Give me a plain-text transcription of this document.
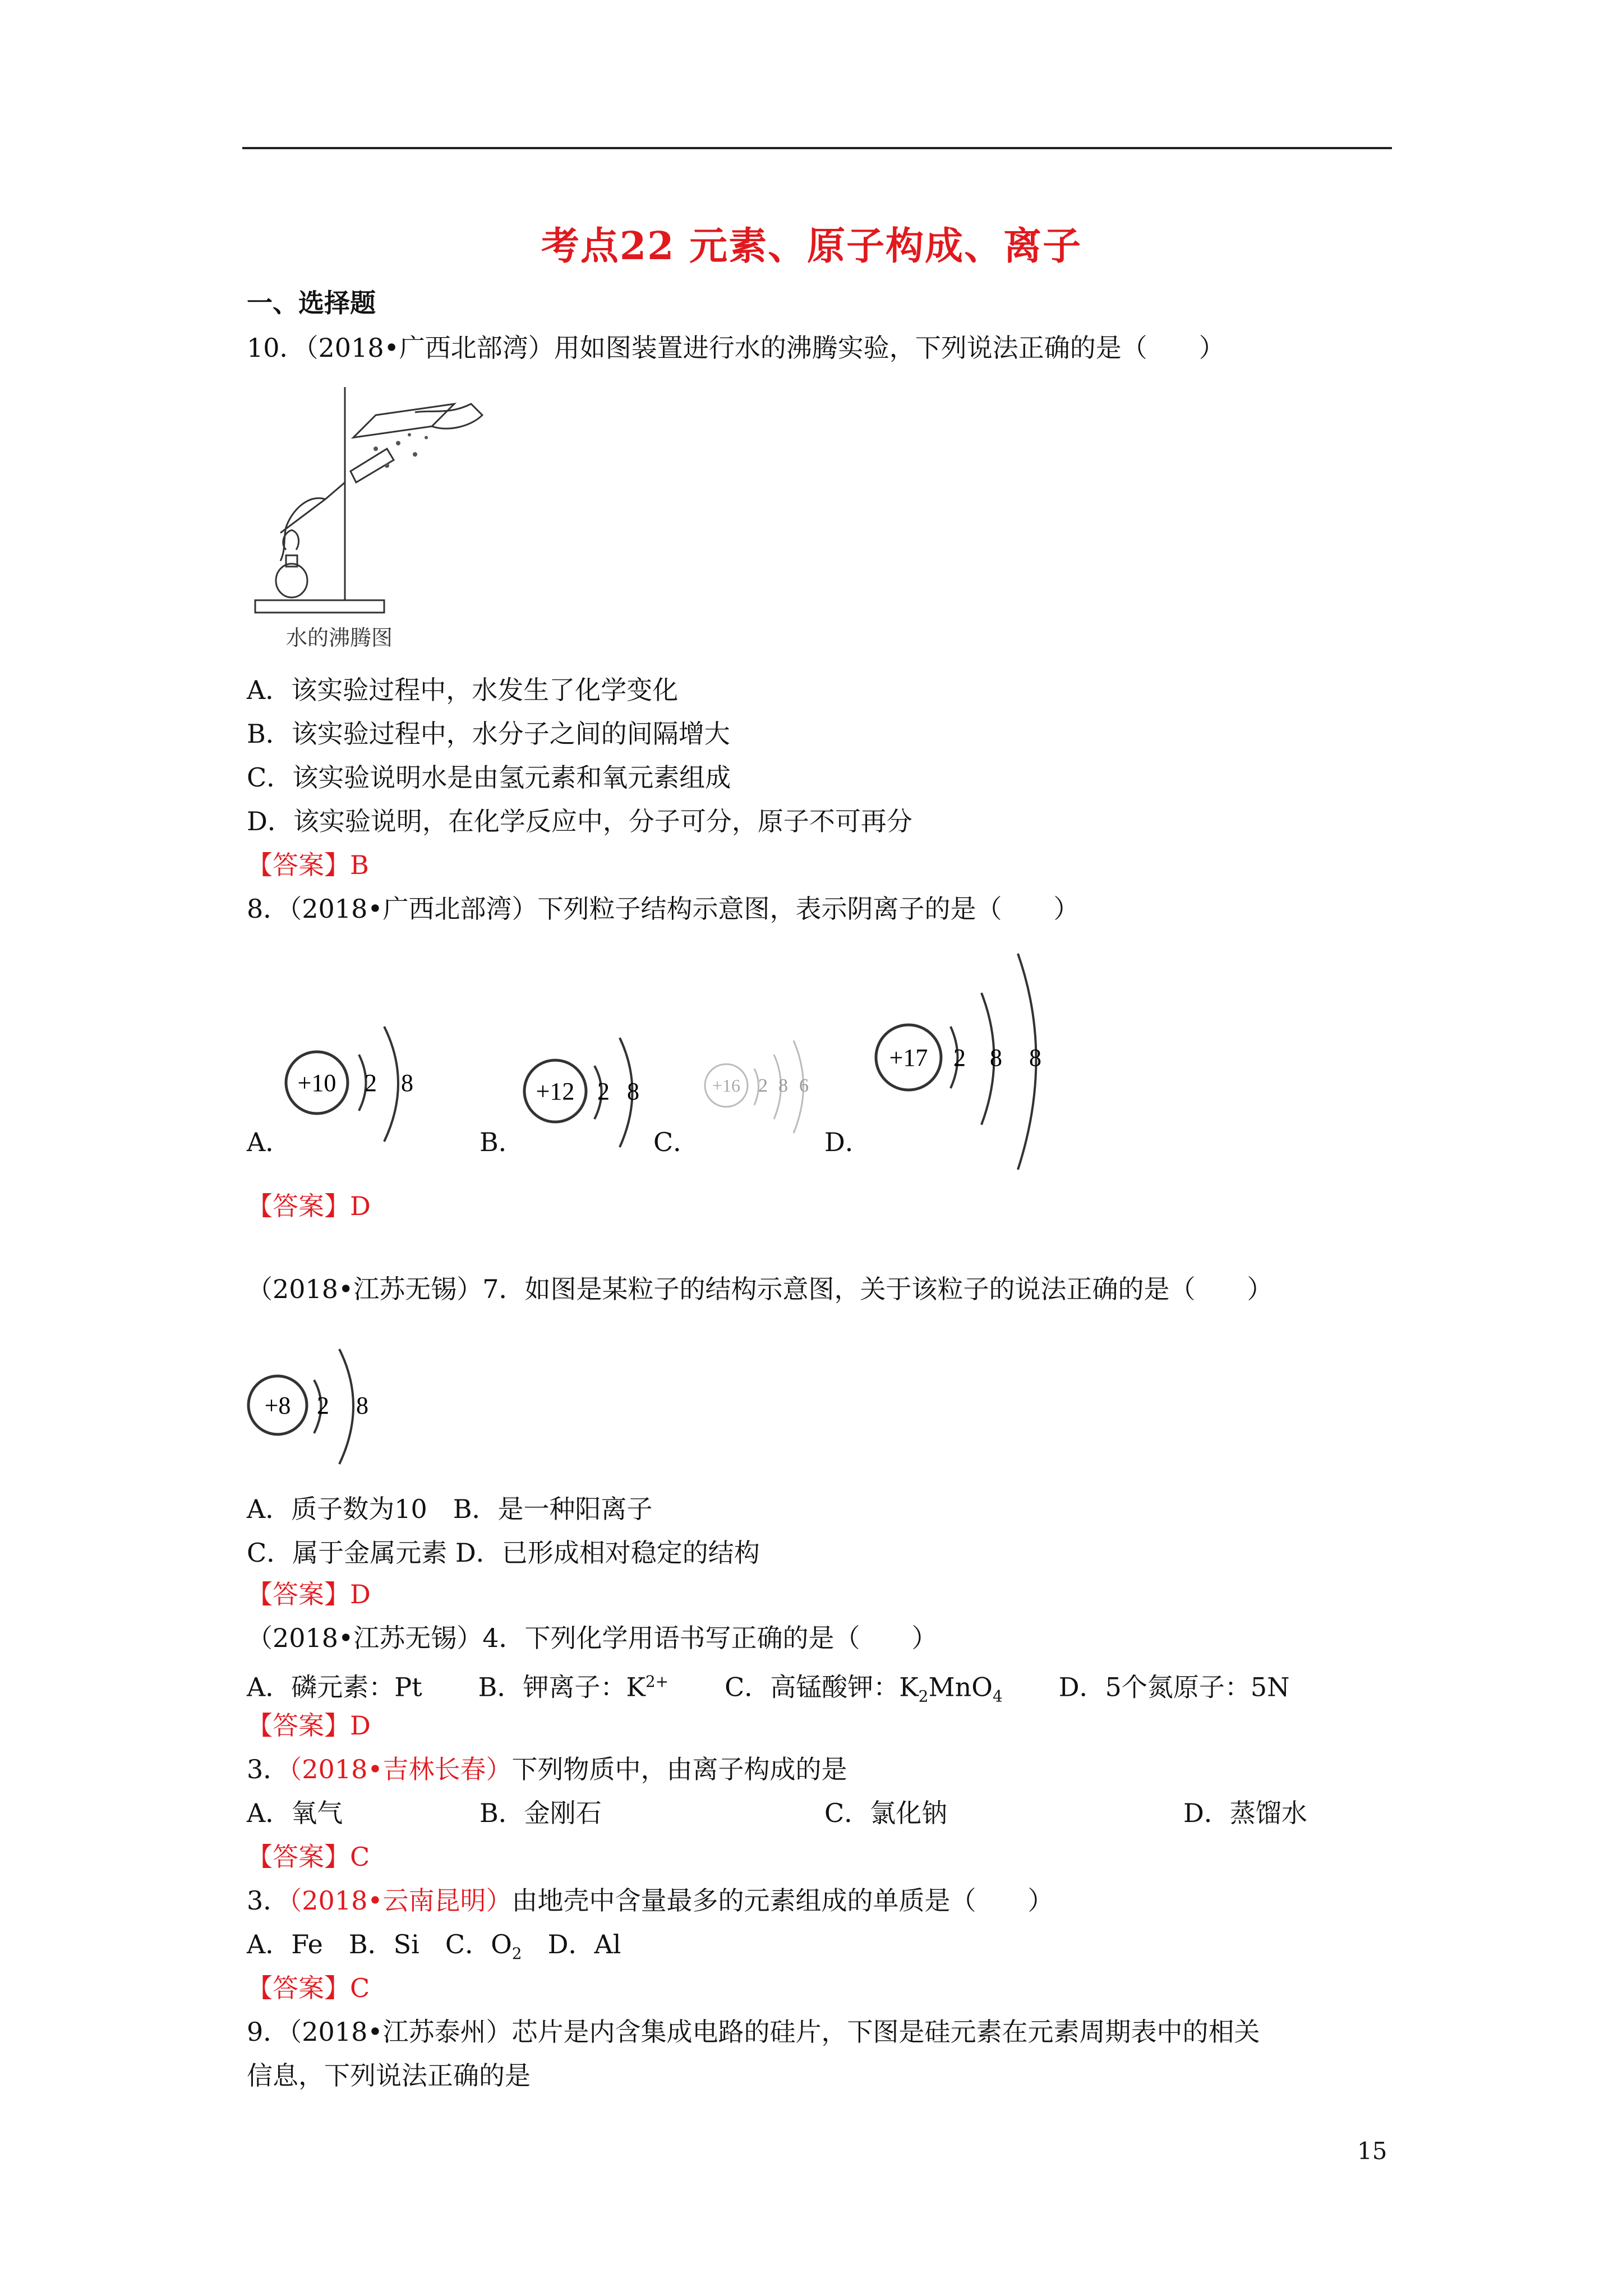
考点22 元素、原子构成、离子
一、选择题
10．（2018•广西北部湾）用如图装置进行水的沸腾实验，下列说法正确的是（　　）
水的沸腾图
A．该实验过程中，水发生了化学变化
B．该实验过程中，水分子之间的间隔增大
C．该实验说明水是由氢元素和氧元素组成
D．该实验说明，在化学反应中，分子可分，原子不可再分
【答案】B
8．（2018•广西北部湾）下列粒子结构示意图，表示阴离子的是（　　）
+10 2 8
A．
+12 2 8
B．
+16 2 8 6
C．
+17 2 8 8
D．
【答案】D
（2018•江苏无锡）7．如图是某粒子的结构示意图，关于该粒子的说法正确的是（　　）
+8 2 8
A．质子数为10　B．是一种阳离子
C．属于金属元素 D．已形成相对稳定的结构
【答案】D
（2018•江苏无锡）4．下列化学用语书写正确的是（　　）
A．磷元素：Pt B．钾离子：$K^{2+}$ C．高锰酸钾：$K_2MnO_4$ D．5个氮原子：5N
【答案】D
3．（2018•吉林长春）下列物质中，由离子构成的是
A．氧气	B．金刚石	C．氯化钠	D．蒸馏水
【答案】C
3．（2018•云南昆明）由地壳中含量最多的元素组成的单质是（　　）
A．Fe　B．Si　C．$O_2$　D．Al
【答案】C
9．（2018•江苏泰州）芯片是内含集成电路的硅片，下图是硅元素在元素周期表中的相关
信息，下列说法正确的是
15
